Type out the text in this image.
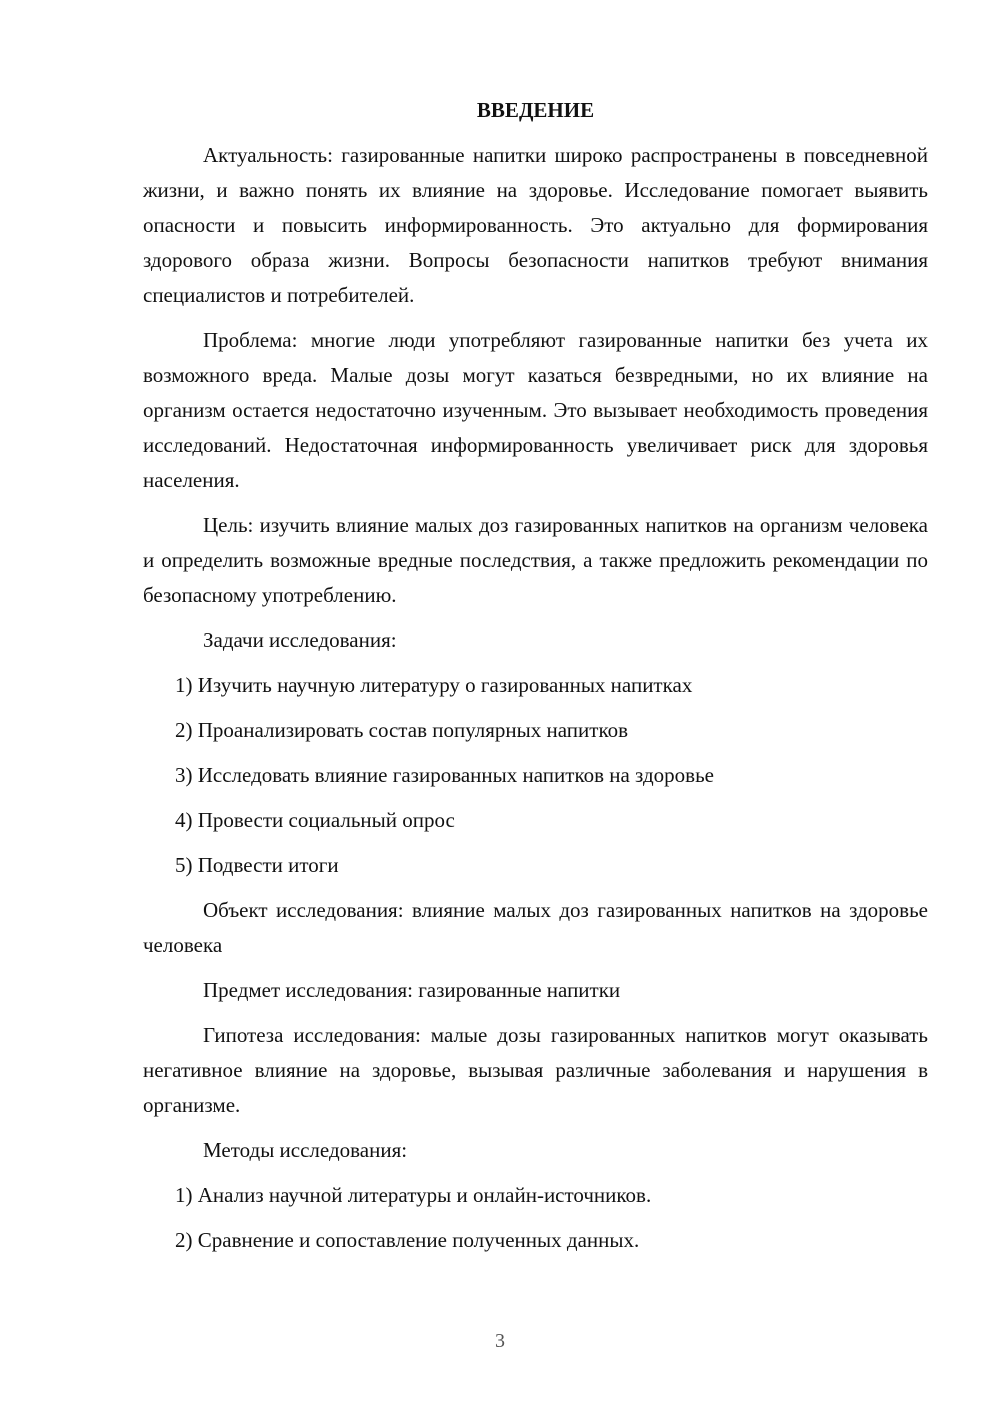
ВВЕДЕНИЕ

Актуальность: газированные напитки широко распространены в повседневной жизни, и важно понять их влияние на здоровье. Исследование помогает выявить опасности и повысить информированность. Это актуально для формирования здорового образа жизни. Вопросы безопасности напитков требуют внимания специалистов и потребителей.

Проблема: многие люди употребляют газированные напитки без учета их возможного вреда. Малые дозы могут казаться безвредными, но их влияние на организм остается недостаточно изученным. Это вызывает необходимость проведения исследований. Недостаточная информированность увеличивает риск для здоровья населения.

Цель: изучить влияние малых доз газированных напитков на организм человека и определить возможные вредные последствия, а также предложить рекомендации по безопасному употреблению.

Задачи исследования:
1) Изучить научную литературу о газированных напитках
2) Проанализировать состав популярных напитков
3) Исследовать влияние газированных напитков на здоровье
4) Провести социальный опрос
5) Подвести итоги

Объект исследования: влияние малых доз газированных напитков на здоровье человека

Предмет исследования: газированные напитки

Гипотеза исследования: малые дозы газированных напитков могут оказывать негативное влияние на здоровье, вызывая различные заболевания и нарушения в организме.

Методы исследования:
1) Анализ научной литературы и онлайн-источников.
2) Сравнение и сопоставление полученных данных.
3
